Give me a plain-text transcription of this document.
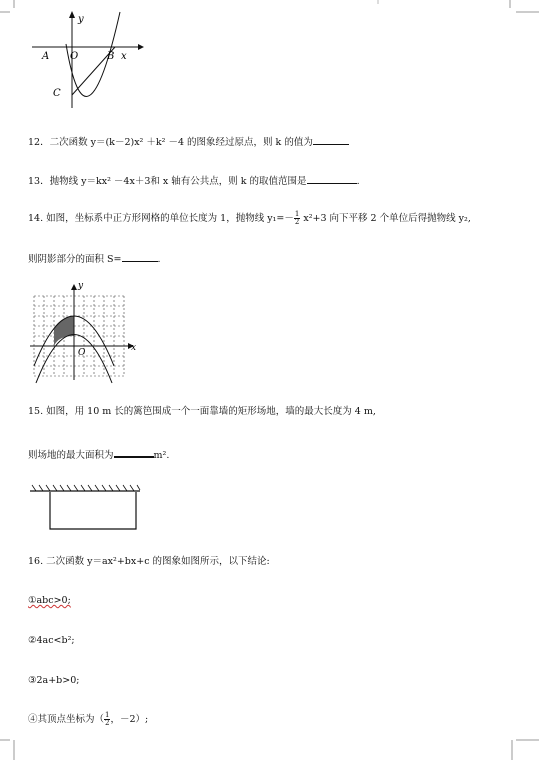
y
x
A O	B
C
12．二次函数 y＝(k－2)x² ＋k² －4 的图象经过原点，则 k 的值为
13．抛物线 y＝kx² －4x＋3和 x 轴有公共点，则 k 的取值范围是	.
14. 如图，坐标系中正方形网格的单位长度为 1，抛物线 $y_1=- \frac{1}{2} x^2+3$ 向下平移 2 个单位后得抛物线 y₂,
则阴影部分的面积 S=	.
y
x
O
15. 如图，用 10 m 长的篱笆围成一个一面靠墙的矩形场地，墙的最大长度为 4 m,
则场地的最大面积为	m².
16. 二次函数 y＝ax²+bx+c 的图象如图所示，以下结论:
①abc>0;
②4ac<b²;
③2a+b>0;
④其顶点坐标为（ $\frac{1}{2}$ ，－2）;
